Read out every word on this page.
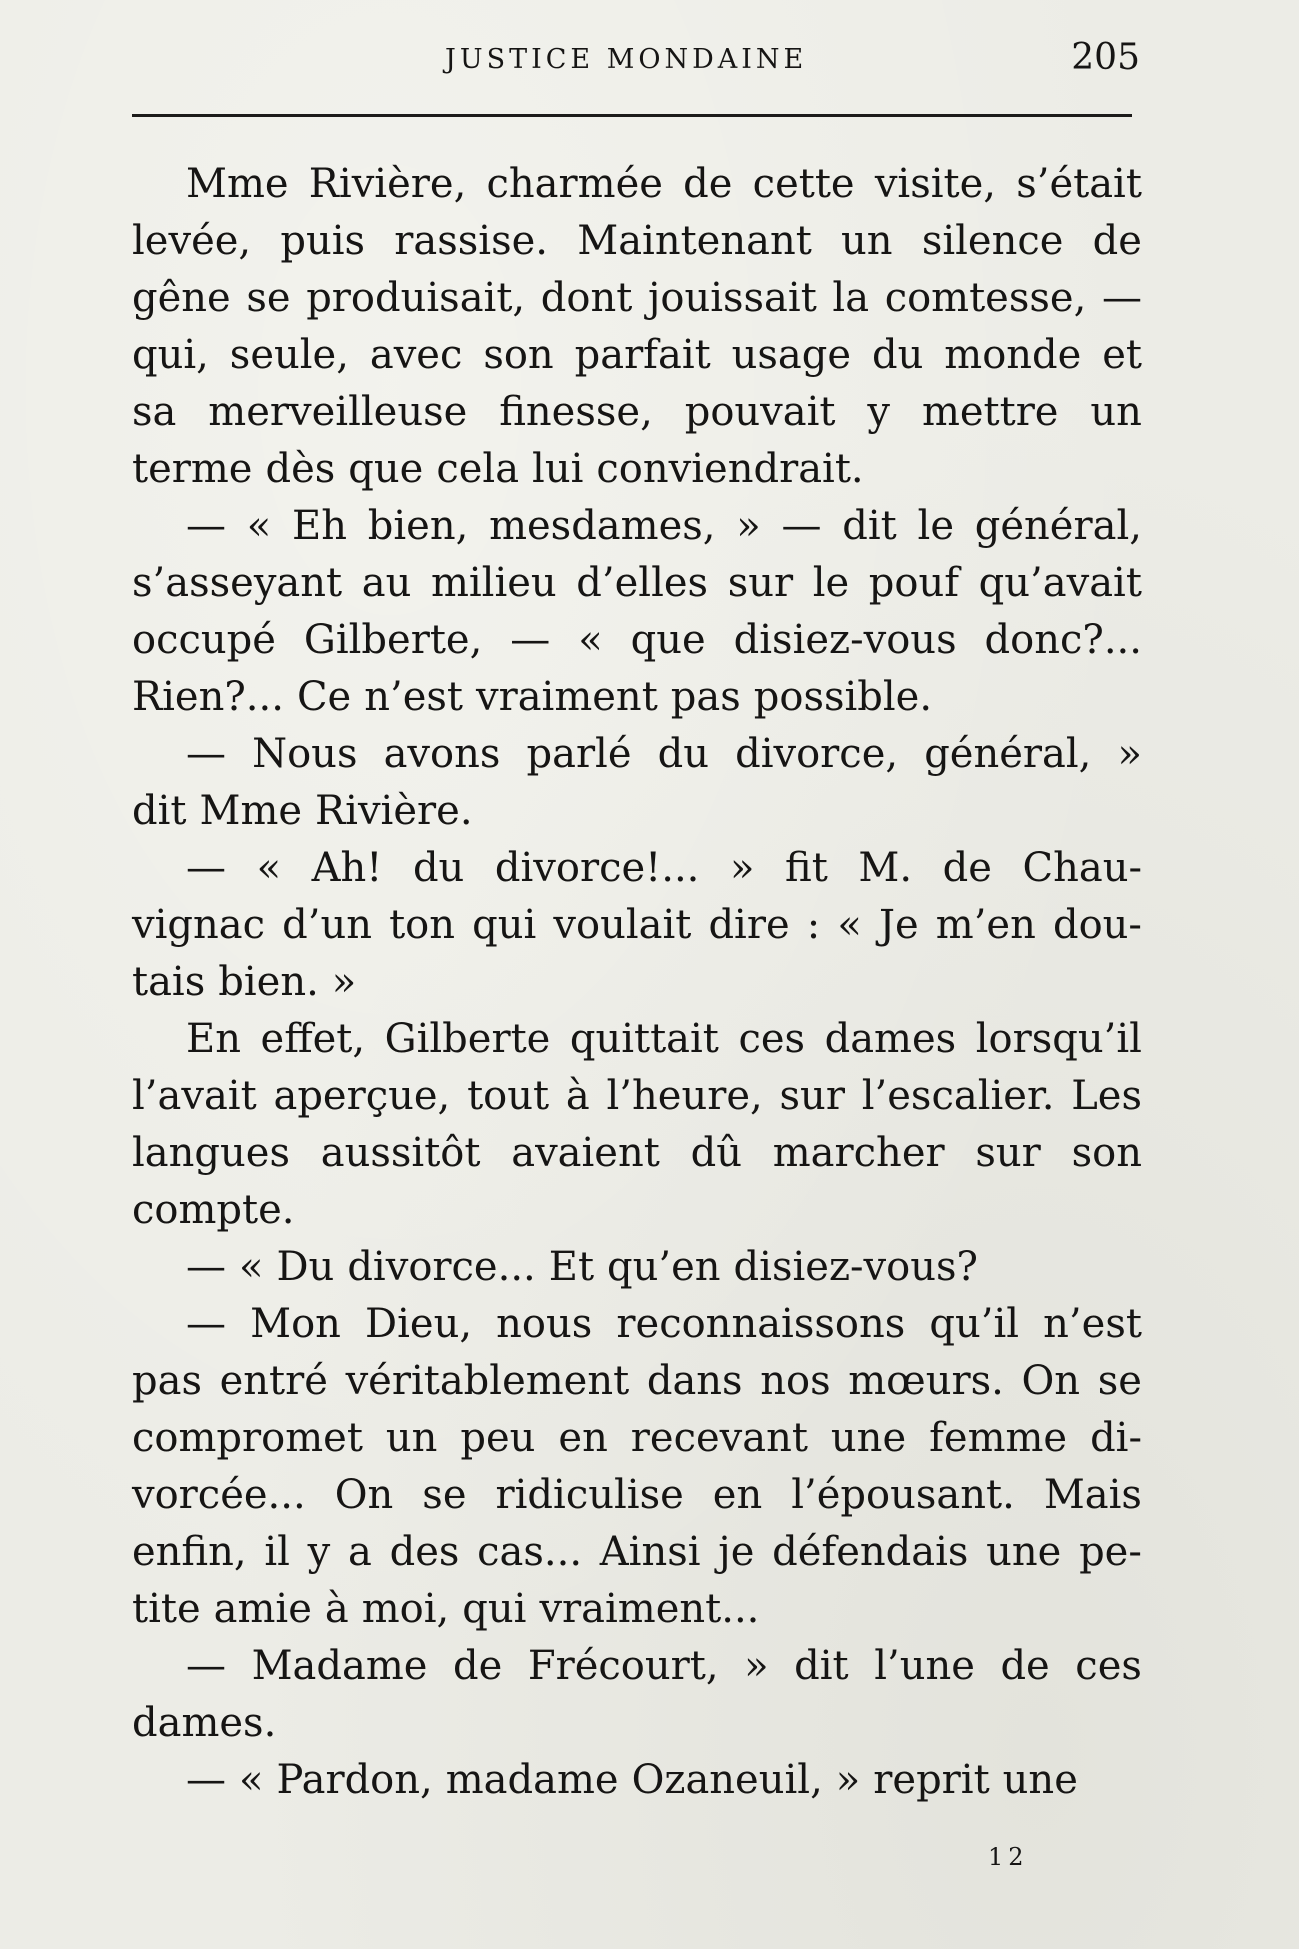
JUSTICE MONDAINE	205
Mme Rivière, charmée de cette visite, s’était
levée, puis rassise. Maintenant un silence de
gêne se produisait, dont jouissait la comtesse, —
qui, seule, avec son parfait usage du monde et
sa merveilleuse finesse, pouvait y mettre un
terme dès que cela lui conviendrait.
— « Eh bien, mesdames, » — dit le général,
s’asseyant au milieu d’elles sur le pouf qu’avait
occupé Gilberte, — « que disiez-vous donc?...
Rien?... Ce n’est vraiment pas possible.
— Nous avons parlé du divorce, général, »
dit Mme Rivière.
— « Ah! du divorce!... » fit M. de Chau-
vignac d’un ton qui voulait dire : « Je m’en dou-
tais bien. »
En effet, Gilberte quittait ces dames lorsqu’il
l’avait aperçue, tout à l’heure, sur l’escalier. Les
langues aussitôt avaient dû marcher sur son
compte.
— « Du divorce... Et qu’en disiez-vous?
— Mon Dieu, nous reconnaissons qu’il n’est
pas entré véritablement dans nos mœurs. On se
compromet un peu en recevant une femme di-
vorcée... On se ridiculise en l’épousant. Mais
enfin, il y a des cas... Ainsi je défendais une pe-
tite amie à moi, qui vraiment...
— Madame de Frécourt, » dit l’une de ces
dames.
— « Pardon, madame Ozaneuil, » reprit une
12
